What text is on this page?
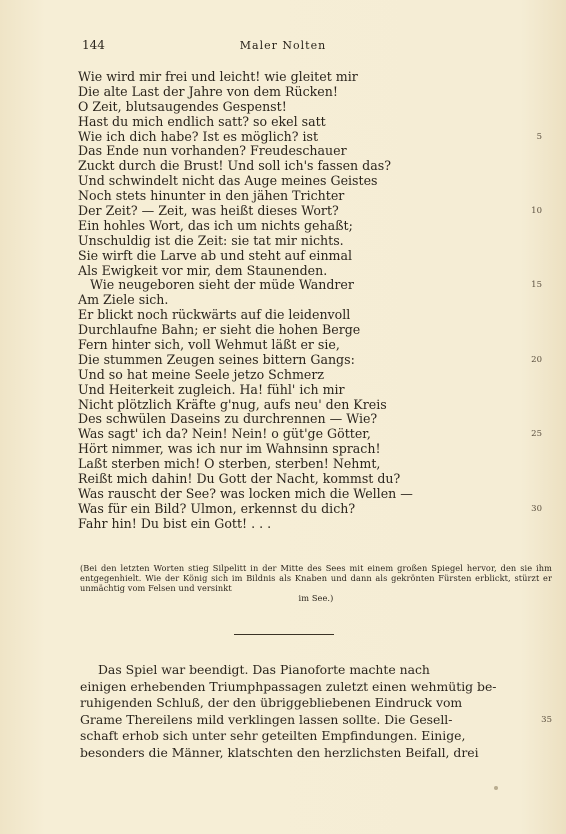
144	Maler Nolten
Wie wird mir frei und leicht! wie gleitet mir
Die alte Last der Jahre von dem Rücken!
O Zeit, blutsaugendes Gespenst!
Hast du mich endlich satt? so ekel satt
Wie ich dich habe? Ist es möglich? ist	5
Das Ende nun vorhanden? Freudeschauer
Zuckt durch die Brust! Und soll ich's fassen das?
Und schwindelt nicht das Auge meines Geistes
Noch stets hinunter in den jähen Trichter
Der Zeit? — Zeit, was heißt dieses Wort?	10
Ein hohles Wort, das ich um nichts gehaßt;
Unschuldig ist die Zeit: sie tat mir nichts.
Sie wirft die Larve ab und steht auf einmal
Als Ewigkeit vor mir, dem Staunenden.
Wie neugeboren sieht der müde Wandrer	15
Am Ziele sich.
Er blickt noch rückwärts auf die leidenvoll
Durchlaufne Bahn; er sieht die hohen Berge
Fern hinter sich, voll Wehmut läßt er sie,
Die stummen Zeugen seines bittern Gangs:	20
Und so hat meine Seele jetzo Schmerz
Und Heiterkeit zugleich. Ha! fühl' ich mir
Nicht plötzlich Kräfte g'nug, aufs neu' den Kreis
Des schwülen Daseins zu durchrennen — Wie?
Was sagt' ich da? Nein! Nein! o güt'ge Götter,	25
Hört nimmer, was ich nur im Wahnsinn sprach!
Laßt sterben mich! O sterben, sterben! Nehmt,
Reißt mich dahin! Du Gott der Nacht, kommst du?
Was rauscht der See? was locken mich die Wellen —
Was für ein Bild? Ulmon, erkennst du dich?	30
Fahr hin! Du bist ein Gott! . . .
(Bei den letzten Worten stieg Silpelitt in der Mitte des Sees mit einem großen Spiegel hervor, den sie ihm entgegenhielt. Wie der König sich im Bildnis als Knaben und dann als gekrönten Fürsten erblickt, stürzt er unmächtig vom Felsen und versinkt
im See.)
Das Spiel war beendigt. Das Pianoforte machte nach
einigen erhebenden Triumphpassagen zuletzt einen wehmütig be-
ruhigenden Schluß, der den übriggebliebenen Eindruck vom
Grame Thereilens mild verklingen lassen sollte. Die Gesell-	35
schaft erhob sich unter sehr geteilten Empfindungen. Einige,
besonders die Männer, klatschten den herzlichsten Beifall, drei
